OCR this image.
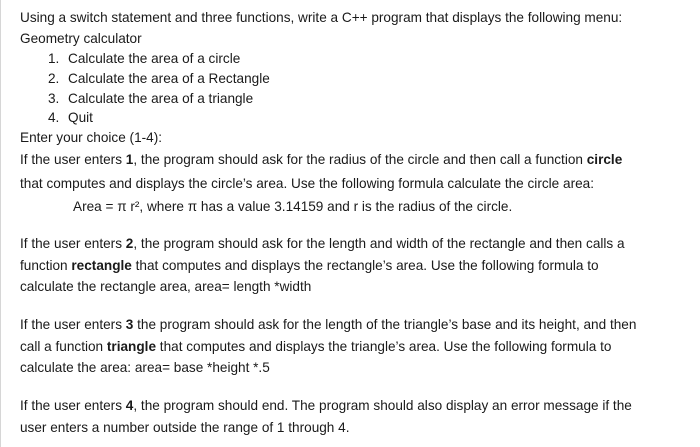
Using a switch statement and three functions, write a C++ program that displays the following menu:
Geometry calculator
1. Calculate the area of a circle
2. Calculate the area of a Rectangle
3. Calculate the area of a triangle
4. Quit
Enter your choice (1-4):
If the user enters 1, the program should ask for the radius of the circle and then call a function circle
that computes and displays the circle’s area. Use the following formula calculate the circle area:
Area = π r², where π has a value 3.14159 and r is the radius of the circle.
If the user enters 2, the program should ask for the length and width of the rectangle and then calls a
function rectangle that computes and displays the rectangle’s area. Use the following formula to
calculate the rectangle area, area= length *width
If the user enters 3 the program should ask for the length of the triangle’s base and its height, and then
call a function triangle that computes and displays the triangle’s area. Use the following formula to
calculate the area: area= base *height *.5
If the user enters 4, the program should end. The program should also display an error message if the
user enters a number outside the range of 1 through 4.
